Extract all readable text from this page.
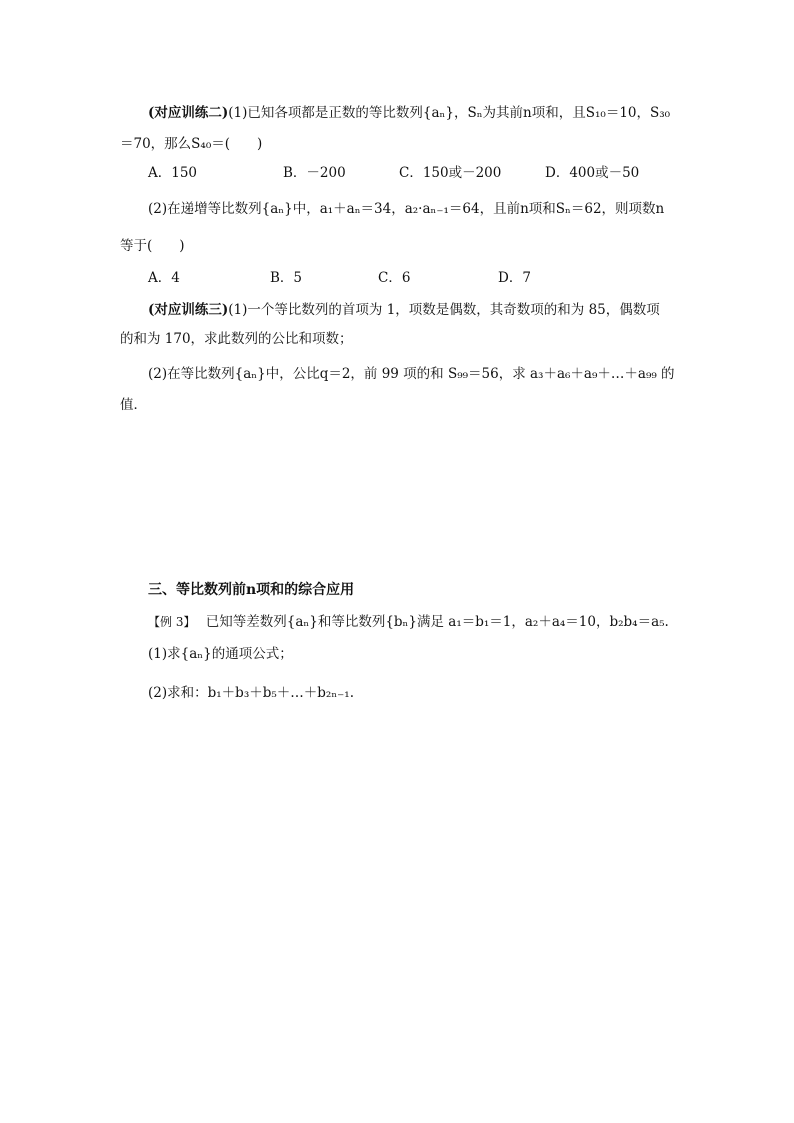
(对应训练二)(1)已知各项都是正数的等比数列{aₙ}，Sₙ为其前n项和，且S₁₀＝10，S₃₀
＝70，那么S₄₀＝(　　)
A．150	B．－200	C．150或－200	D．400或－50
(2)在递增等比数列{aₙ}中，a₁＋aₙ＝34，a₂·aₙ₋₁＝64，且前n项和Sₙ＝62，则项数n
等于(　　)
A．4	B．5	C．6	D．7
(对应训练三)(1)一个等比数列的首项为 1，项数是偶数，其奇数项的和为 85，偶数项
的和为 170，求此数列的公比和项数；
(2)在等比数列{aₙ}中，公比q＝2，前 99 项的和 S₉₉＝56，求 a₃＋a₆＋a₉＋…＋a₉₉ 的
值．
三、等比数列前n项和的综合应用
【例 3】 已知等差数列{aₙ}和等比数列{bₙ}满足 a₁＝b₁＝1，a₂＋a₄＝10，b₂b₄＝a₅.
(1)求{aₙ}的通项公式；
(2)求和：b₁＋b₃＋b₅＋…＋b₂ₙ₋₁.
